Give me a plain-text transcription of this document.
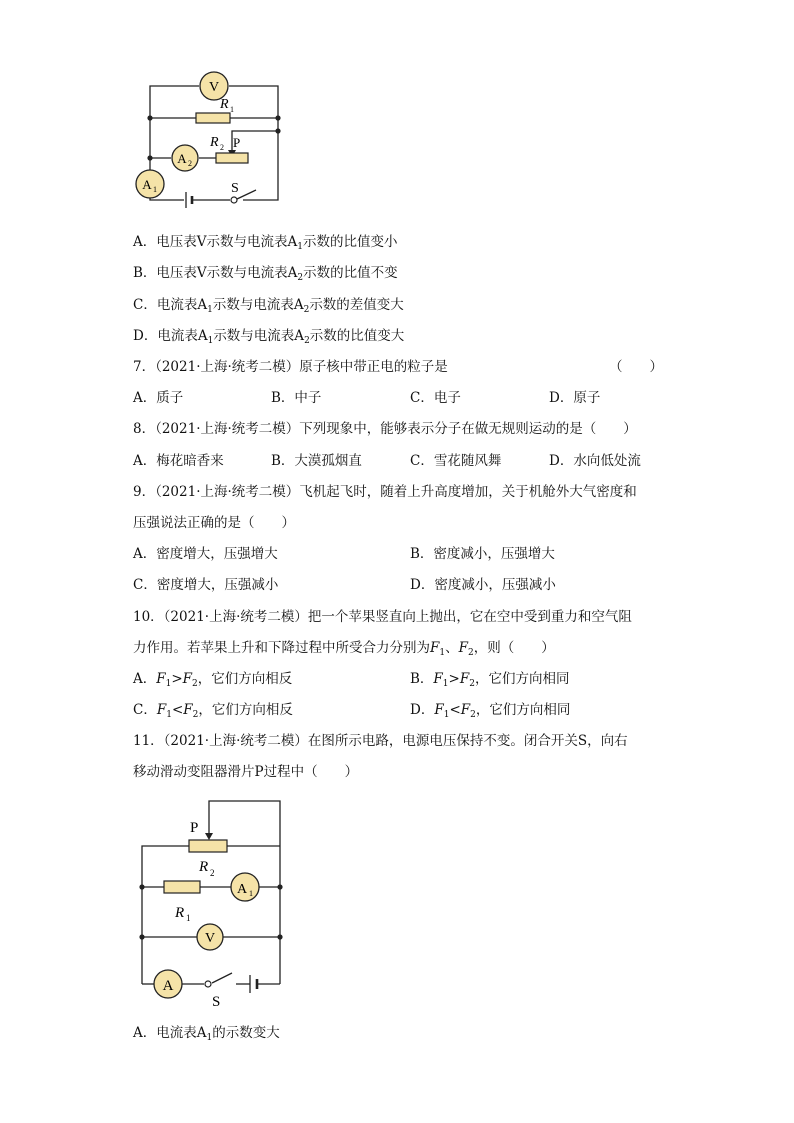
V
A 2
A 1
R 1
R 2 P
S
A．电压表V示数与电流表$A_1$示数的比值变小
B．电压表V示数与电流表$A_2$示数的比值不变
C．电流表$A_1$示数与电流表$A_2$示数的差值变大
D．电流表$A_1$示数与电流表$A_2$示数的比值变大
7．（2021·上海·统考二模）原子核中带正电的粒子是	（　　）
A．质子	B．中子	C．电子	D．原子
8．（2021·上海·统考二模）下列现象中，能够表示分子在做无规则运动的是（　　）
A．梅花暗香来	B．大漠孤烟直	C．雪花随风舞	D．水向低处流
9．（2021·上海·统考二模）飞机起飞时，随着上升高度增加，关于机舱外大气密度和
压强说法正确的是（　　）
A．密度增大，压强增大	B．密度减小，压强增大
C．密度增大，压强减小	D．密度减小，压强减小
10．（2021·上海·统考二模）把一个苹果竖直向上抛出，它在空中受到重力和空气阻
力作用。若苹果上升和下降过程中所受合力分别为$F_1$、$F_2$，则（　　）
A．$F_1>F_2$，它们方向相反	B．$F_1>F_2$，它们方向相同
C．$F_1<F_2$，它们方向相反	D．$F_1<F_2$，它们方向相同
11．（2021·上海·统考二模）在图所示电路，电源电压保持不变。闭合开关S，向右
移动滑动变阻器滑片P过程中（　　）
A 1
V
A
P
R 2
R 1
S
A．电流表$A_1$的示数变大
